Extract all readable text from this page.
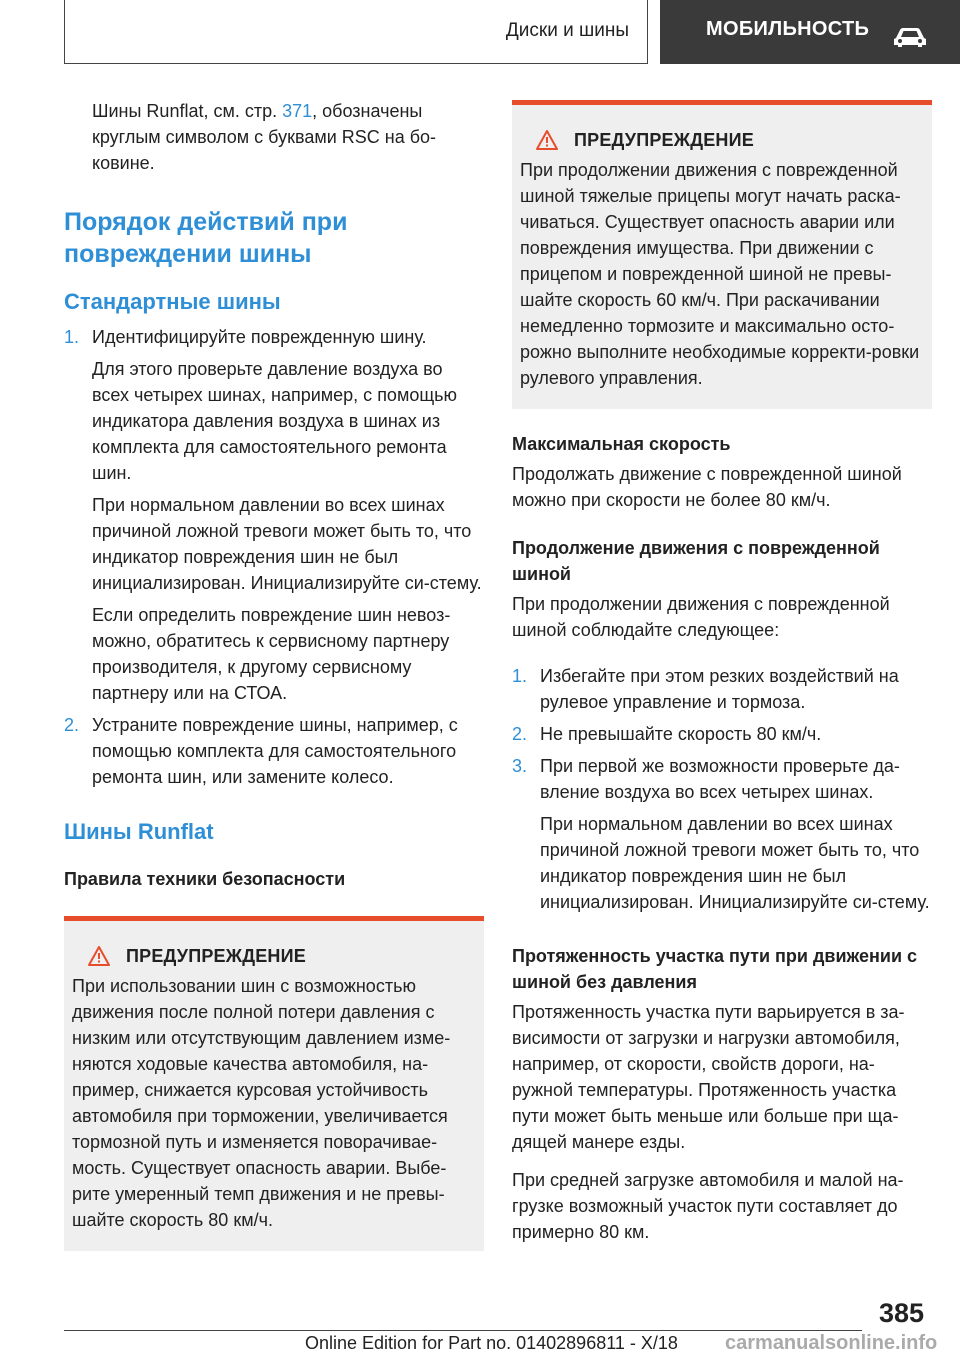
Диски и шины	МОБИЛЬНОСТЬ

Шины Runflat, см. стр. 371, обозначены круглым символом с буквами RSC на бо-ковине.

Порядок действий при повреждении шины
Стандартные шины
1. Идентифицируйте поврежденную шину.

Для этого проверьте давление воздуха во всех четырех шинах, например, с помощью индикатора давления воздуха в шинах из комплекта для самостоятельного ремонта шин.

При нормальном давлении во всех шинах причиной ложной тревоги может быть то, что индикатор повреждения шин не был инициализирован. Инициализируйте си-стему.

Если определить повреждение шин невоз-можно, обратитесь к сервисному партнеру производителя, к другому сервисному партнеру или на СТОА.

2. Устраните повреждение шины, например, с помощью комплекта для самостоятельного ремонта шин, или замените колесо.

Шины Runflat
Правила техники безопасности
ПРЕДУПРЕЖДЕНИЕ

При использовании шин с возможностью движения после полной потери давления с низким или отсутствующим давлением изме-няются ходовые качества автомобиля, на-пример, снижается курсовая устойчивость автомобиля при торможении, увеличивается тормозной путь и изменяется поворачивае-мость. Существует опасность аварии. Выбе-рите умеренный темп движения и не превы-шайте скорость 80 км/ч.

ПРЕДУПРЕЖДЕНИЕ

При продолжении движения с поврежденной шиной тяжелые прицепы могут начать раска-чиваться. Существует опасность аварии или повреждения имущества. При движении с прицепом и поврежденной шиной не превы-шайте скорость 60 км/ч. При раскачивании немедленно тормозите и максимально осто-рожно выполните необходимые корректи-ровки рулевого управления.

Максимальная скорость

Продолжать движение с поврежденной шиной можно при скорости не более 80 км/ч.

Продолжение движения с поврежденной шиной

При продолжении движения с поврежденной шиной соблюдайте следующее:

1. Избегайте при этом резких воздействий на рулевое управление и тормоза.

2. Не превышайте скорость 80 км/ч.

3. При первой же возможности проверьте да-вление воздуха во всех четырех шинах.

При нормальном давлении во всех шинах причиной ложной тревоги может быть то, что индикатор повреждения шин не был инициализирован. Инициализируйте си-стему.

Протяженность участка пути при движении с шиной без давления

Протяженность участка пути варьируется в за-висимости от загрузки и нагрузки автомобиля, например, от скорости, свойств дороги, на-ружной температуры. Протяженность участка пути может быть меньше или больше при ща-дящей манере езды.

При средней загрузке автомобиля и малой на-грузке возможный участок пути составляет до примерно 80 км.

385
Online Edition for Part no. 01402896811 - X/18 carmanualsonline.info
